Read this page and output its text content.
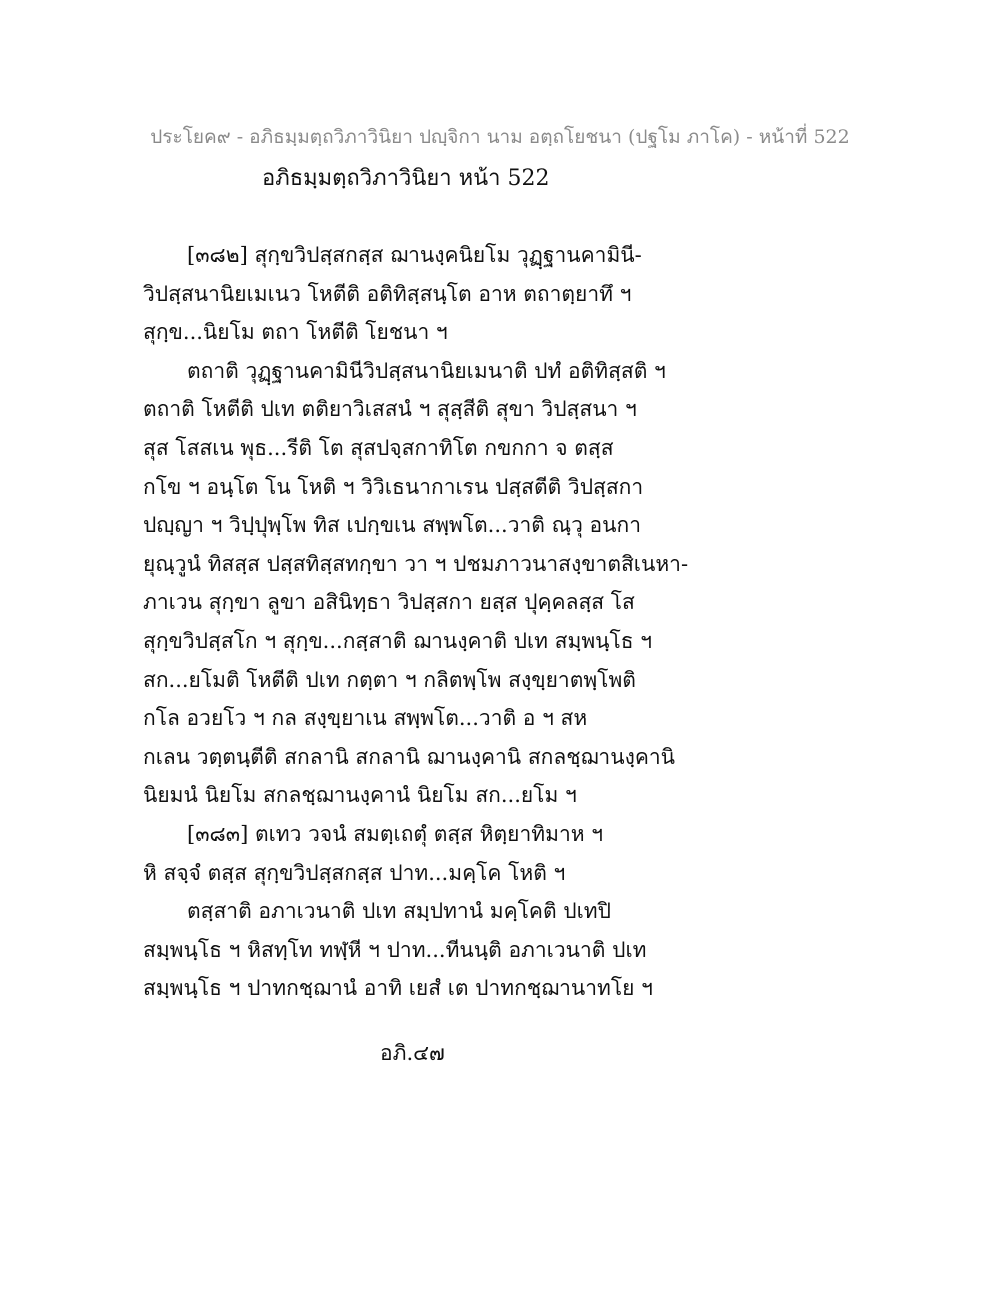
ประโยค๙ - อภิธมฺมตฺถวิภาวินิยา ปญฺจิกา นาม อตฺถโยชนา (ปฐโม ภาโค) - หน้าที่ 522
อภิธมฺมตฺถวิภาวินิยา หน้า 522
[๓๘๒] สุกฺขวิปสฺสกสฺส ฌานงฺคนิยโม วุฏฺฐานคามินี-
วิปสฺสนานิยเมเนว โหตีติ อติทิสฺสนฺโต อาห ตถาตฺยาทึ ฯ
สุกฺข...นิยโม ตถา โหตีติ โยชนา ฯ
ตถาติ วุฏฺฐานคามินีวิปสฺสนานิยเมนาติ ปทํ อติทิสฺสติ ฯ
ตถาติ โหตีติ ปเท ตติยาวิเสสนํ ฯ สุสฺสีติ สุขา วิปสฺสนา ฯ
สุส โสสเน พุธ...รีติ โต สุสปจฺสกาทิโต กขกกา จ ตสฺส
กโข ฯ อนฺโต โน โหติ ฯ วิวิเธนากาเรน ปสฺสตีติ วิปสฺสกา
ปญฺญา ฯ วิปฺปุพฺโพ ทิส เปกฺขเน สพฺพโต...วาติ ณฺวุ อนกา
ยุณฺวูนํ ทิสสฺส ปสฺสทิสฺสทกฺขา วา ฯ ปชมภาวนาสงฺขาตสิเนหา-
ภาเวน สุกฺขา ลูขา อสินิทฺธา วิปสฺสกา ยสฺส ปุคฺคลสฺส โส
สุกฺขวิปสฺสโก ฯ สุกฺข...กสฺสาติ ฌานงฺคาติ ปเท สมฺพนฺโธ ฯ
สก...ยโมติ โหตีติ ปเท กตฺตา ฯ กลิตพฺโพ สงฺขฺยาตพฺโพติ
กโล อวยโว ฯ กล สงฺขฺยาเน สพฺพโต...วาติ อ ฯ สห
กเลน วตฺตนฺตีติ สกลานิ สกลานิ ฌานงฺคานิ สกลชฺฌานงฺคานิ
นิยมนํ นิยโม สกลชฺฌานงฺคานํ นิยโม สก...ยโม ฯ
[๓๘๓] ตเทว วจนํ สมตฺเถตุํ ตสฺส หิตฺยาทิมาห ฯ
หิ สจฺจํ ตสฺส สุกฺขวิปสฺสกสฺส ปาท...มคฺโค โหติ ฯ
ตสฺสาติ อภาเวนาติ ปเท สมฺปทานํ มคฺโคติ ปเทปิ
สมฺพนฺโธ ฯ หิสทฺโท ทฬฺหี ฯ ปาท...ทีนนฺติ อภาเวนาติ ปเท
สมฺพนฺโธ ฯ ปาทกชฺฌานํ อาทิ เยสํ เต ปาทกชฺฌานาทโย ฯ
อภิ.๔๗
